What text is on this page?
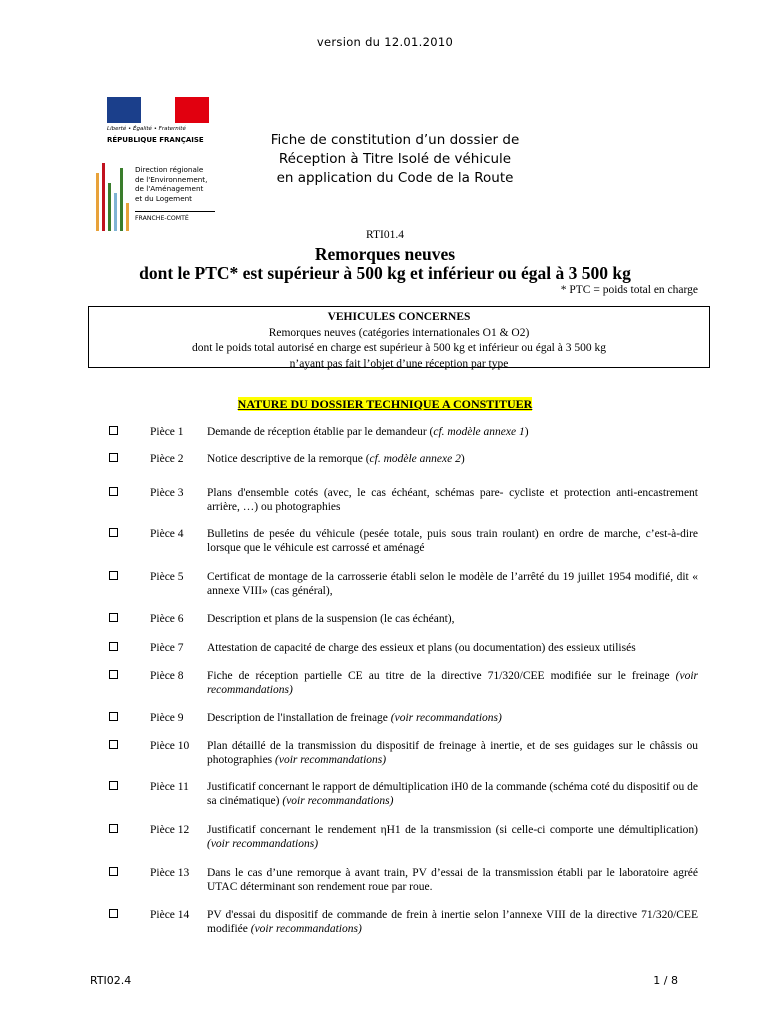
version du 12.01.2010
Liberté • Égalité • Fraternité
RÉPUBLIQUE FRANÇAISE
Direction régionale
de l'Environnement,
de l'Aménagement
et du Logement
FRANCHE-COMTÉ
Fiche de constitution d’un dossier de
Réception à Titre Isolé de véhicule
en application du Code de la Route
RTI01.4
Remorques neuves
dont le PTC* est supérieur à 500 kg et inférieur ou égal à 3 500 kg
* PTC = poids total en charge
VEHICULES CONCERNES
Remorques neuves (catégories internationales O1 & O2)
dont le poids total autorisé en charge est supérieur à 500 kg et inférieur ou égal à 3 500 kg
n’ayant pas fait l’objet d’une réception par type
NATURE DU DOSSIER TECHNIQUE A CONSTITUER
Pièce 1 Demande de réception établie par le demandeur (cf. modèle annexe 1)
Pièce 2 Notice descriptive de la remorque (cf. modèle annexe 2)
Pièce 3 Plans d'ensemble cotés (avec, le cas échéant, schémas pare- cycliste et protection anti-encastrement arrière, …) ou photographies
Pièce 4 Bulletins de pesée du véhicule (pesée totale, puis sous train roulant) en ordre de marche, c’est-à-dire lorsque que le véhicule est carrossé et aménagé
Pièce 5 Certificat de montage de la carrosserie établi selon le modèle de l’arrêté du 19 juillet 1954 modifié, dit « annexe VIII» (cas général),
Pièce 6 Description et plans de la suspension (le cas échéant),
Pièce 7 Attestation de capacité de charge des essieux et plans (ou documentation) des essieux utilisés
Pièce 8 Fiche de réception partielle CE au titre de la directive 71/320/CEE modifiée sur le freinage (voir recommandations)
Pièce 9 Description de l'installation de freinage (voir recommandations)
Pièce 10 Plan détaillé de la transmission du dispositif de freinage à inertie, et de ses guidages sur le châssis ou photographies (voir recommandations)
Pièce 11 Justificatif concernant le rapport de démultiplication iH0 de la commande (schéma coté du dispositif ou de sa cinématique) (voir recommandations)
Pièce 12 Justificatif concernant le rendement ηH1 de la transmission (si celle-ci comporte une démultiplication) (voir recommandations)
Pièce 13 Dans le cas d’une remorque à avant train, PV d’essai de la transmission établi par le laboratoire agréé UTAC déterminant son rendement roue par roue.
Pièce 14 PV d'essai du dispositif de commande de frein à inertie selon l’annexe VIII de la directive 71/320/CEE modifiée (voir recommandations)
RTI02.4	1 / 8
